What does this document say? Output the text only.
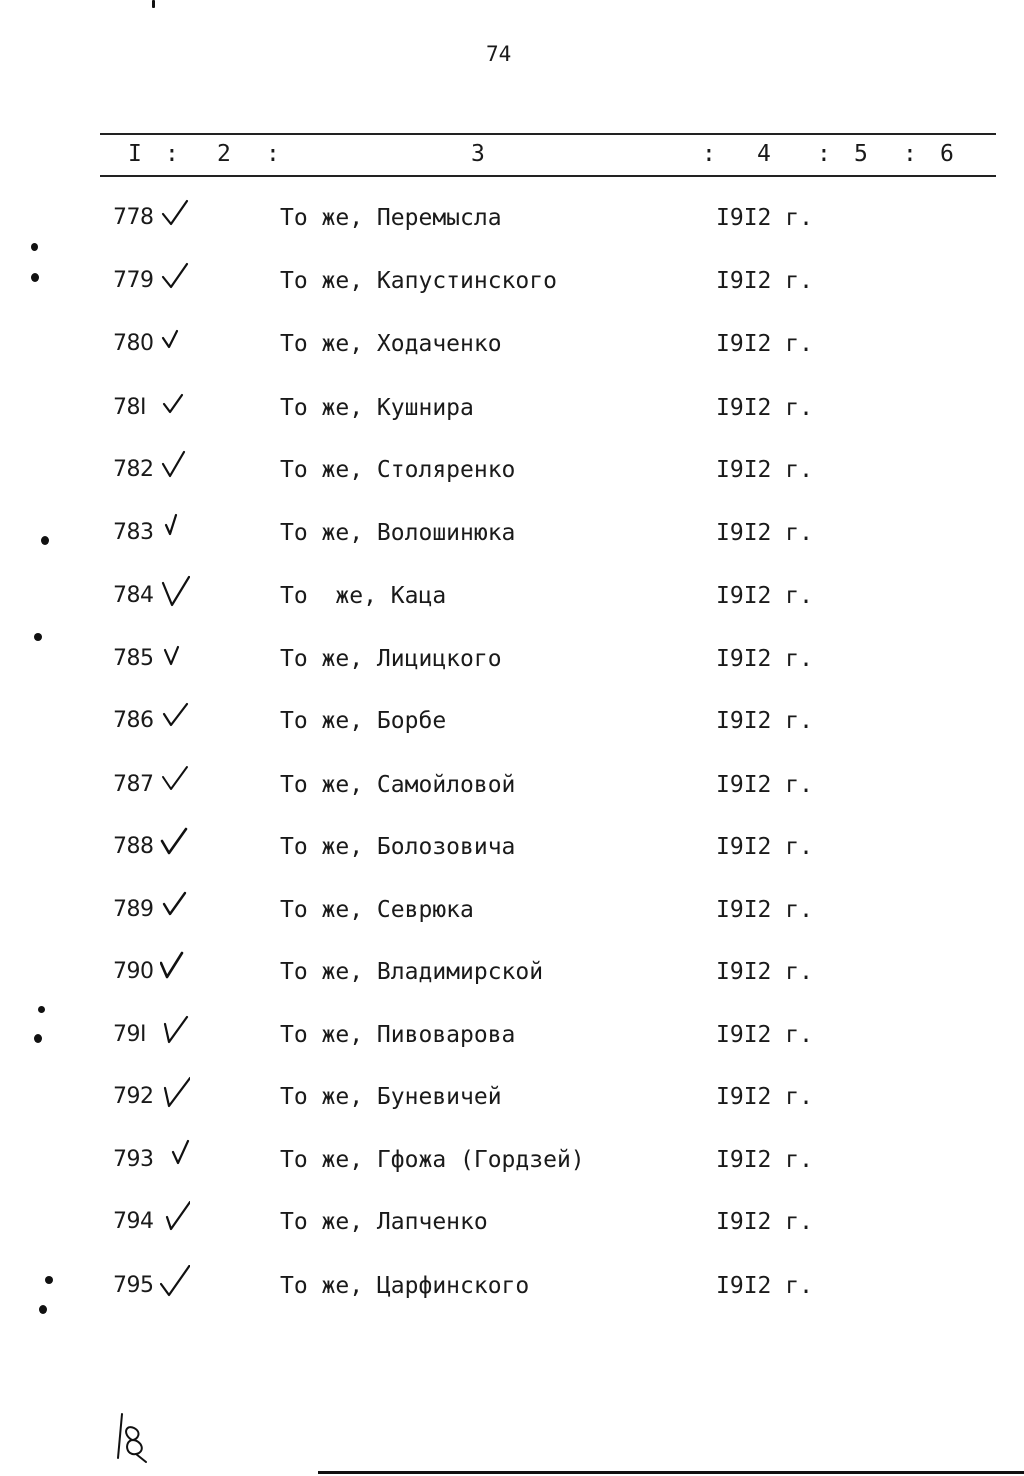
74
I : 2 :	3	: 4 : 5 : 6
778	То же, Перемысла	I9I2 г.
779	То же, Капустинского	I9I2 г.
780	То же, Ходаченко	I9I2 г.
78I	То же, Кушнира	I9I2 г.
782	То же, Столяренко	I9I2 г.
783	То же, Волошинюка	I9I2 г.
784	То  же, Каца	I9I2 г.
785	То же, Лицицкого	I9I2 г.
786	То же, Борбе	I9I2 г.
787	То же, Самойловой	I9I2 г.
788	То же, Болозовича	I9I2 г.
789	То же, Севрюка	I9I2 г.
790	То же, Владимирской	I9I2 г.
79I	То же, Пивоварова	I9I2 г.
792	То же, Буневичей	I9I2 г.
793	То же, Гфожа (Гордзей)	I9I2 г.
794	То же, Лапченко	I9I2 г.
795	То же, Царфинского	I9I2 г.
18
